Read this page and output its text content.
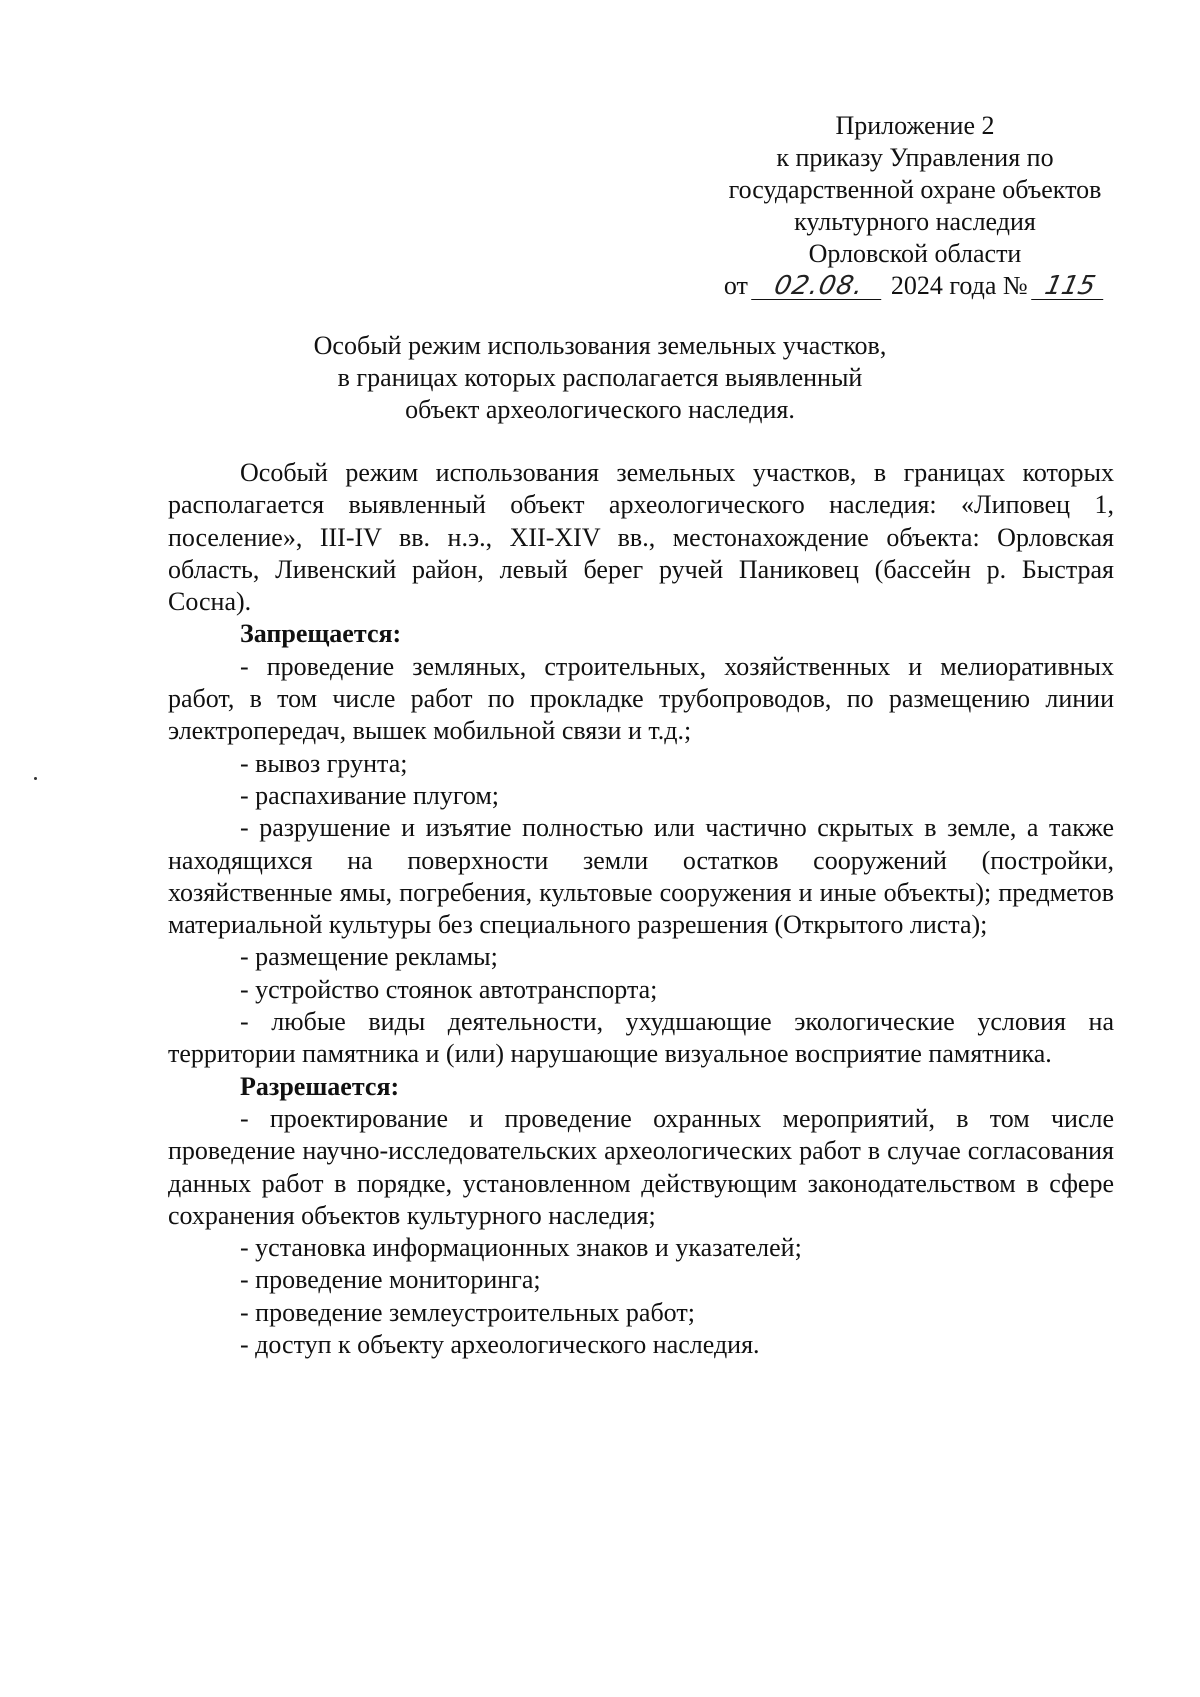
Приложение 2
к приказу Управления по
государственной охране объектов
культурного наследия
Орловской области
от 02.08. 2024 года № 115
Особый режим использования земельных участков,
в границах которых располагается выявленный
объект археологического наследия.

Особый режим использования земельных участков, в границах которых располагается выявленный объект археологического наследия: «Липовец 1, поселение», III-IV вв. н.э., XII-XIV вв., местонахождение объекта: Орловская область, Ливенский район, левый берег ручей Паниковец (бассейн р. Быстрая Сосна).

Запрещается:

- проведение земляных, строительных, хозяйственных и мелиоративных работ, в том числе работ по прокладке трубопроводов, по размещению линии электропередач, вышек мобильной связи и т.д.;

- вывоз грунта;

- распахивание плугом;

- разрушение и изъятие полностью или частично скрытых в земле, а также находящихся на поверхности земли остатков сооружений (постройки, хозяйственные ямы, погребения, культовые сооружения и иные объекты); предметов материальной культуры без специального разрешения (Открытого листа);

- размещение рекламы;

- устройство стоянок автотранспорта;

- любые виды деятельности, ухудшающие экологические условия на территории памятника и (или) нарушающие визуальное восприятие памятника.

Разрешается:

- проектирование и проведение охранных мероприятий, в том числе проведение научно-исследовательских археологических работ в случае согласования данных работ в порядке, установленном действующим законодательством в сфере сохранения объектов культурного наследия;

- установка информационных знаков и указателей;

- проведение мониторинга;

- проведение землеустроительных работ;

- доступ к объекту археологического наследия.
